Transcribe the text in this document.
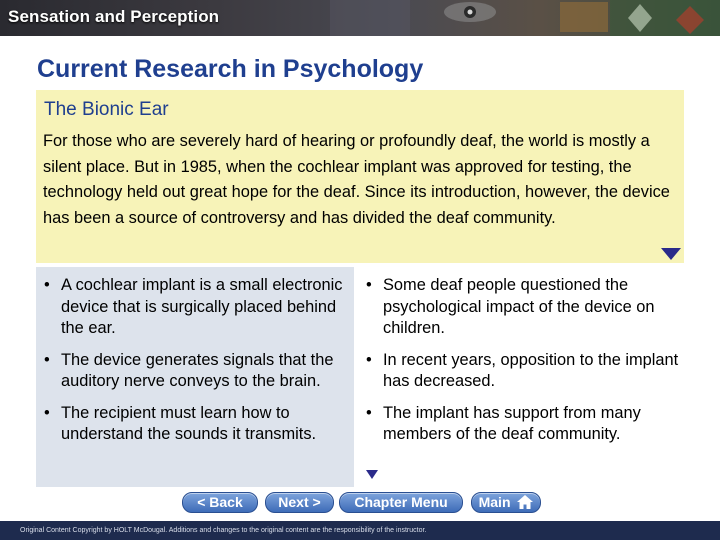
Sensation and Perception
Current Research in Psychology
The Bionic Ear
For those who are severely hard of hearing or profoundly deaf, the world is mostly a silent place. But in 1985, when the cochlear implant was approved for testing, the technology held out great hope for the deaf. Since its introduction, however, the device has been a source of controversy and has divided the deaf community.
• A cochlear implant is a small electronic device that is surgically placed behind the ear.
• The device generates signals that the auditory nerve conveys to the brain.
• The recipient must learn how to understand the sounds it transmits.
• Some deaf people questioned the psychological impact of the device on children.
• In recent years, opposition to the implant has decreased.
• The implant has support from many members of the deaf community.
< Back	Next >	Chapter Menu	Main
Original Content Copyright by HOLT McDougal. Additions and changes to the original content are the responsibility of the instructor.
